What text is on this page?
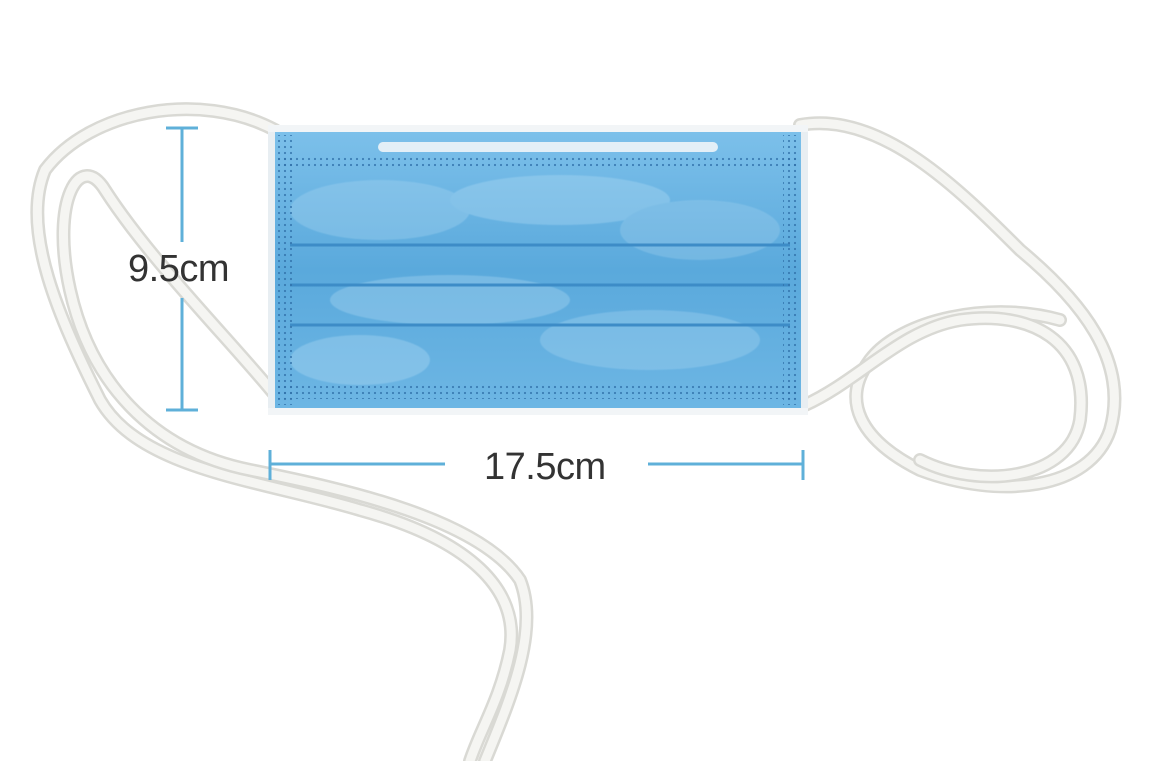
9.5cm
17.5cm
